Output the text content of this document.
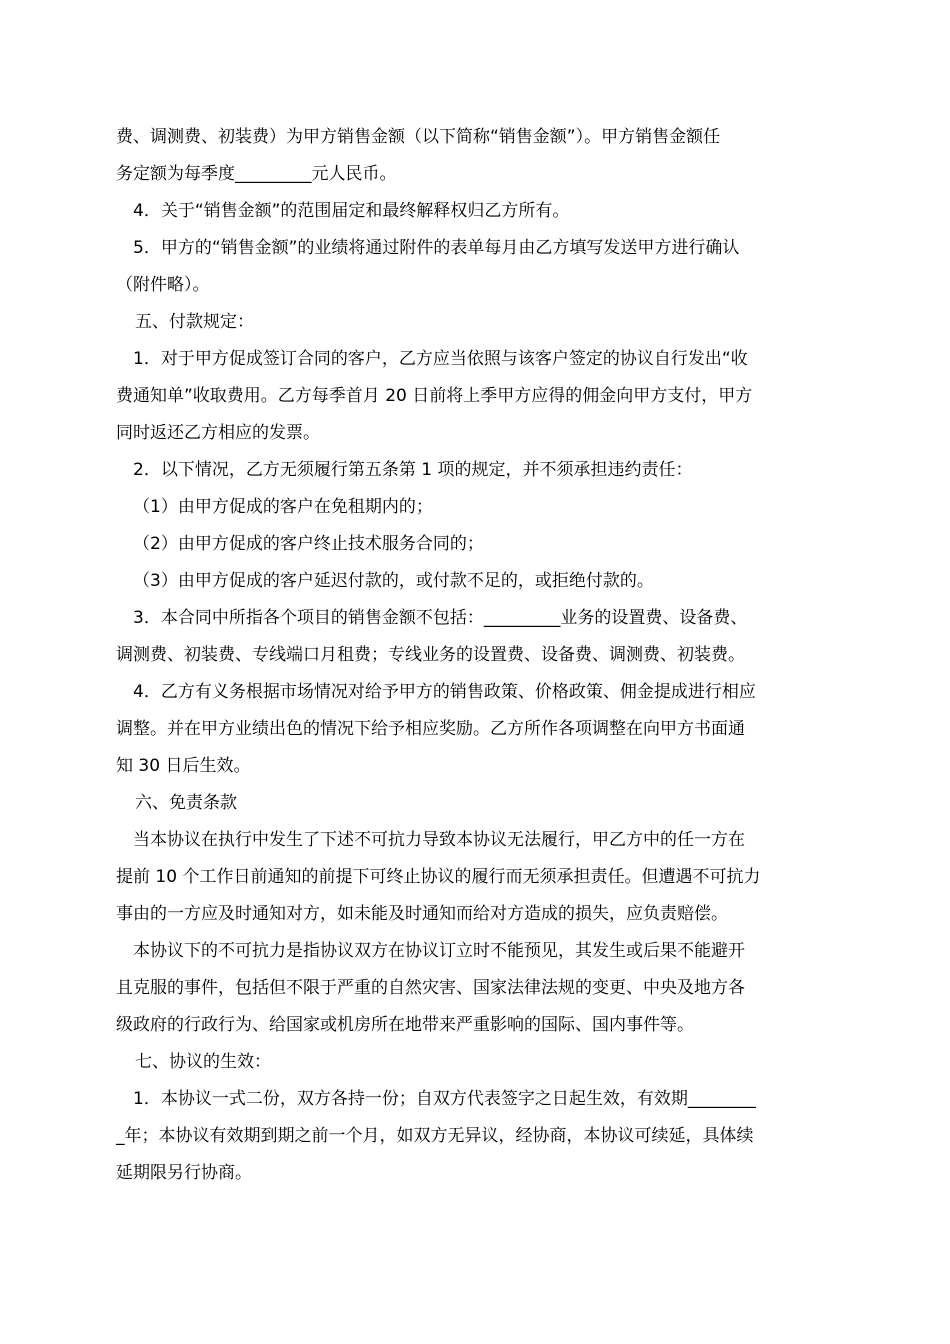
费、调测费、初装费）为甲方销售金额（以下简称“销售金额”）。甲方销售金额任

务定额为每季度_________元人民币。

4．关于“销售金额”的范围届定和最终解释权归乙方所有。

5．甲方的“销售金额”的业绩将通过附件的表单每月由乙方填写发送甲方进行确认

（附件略）。

五、付款规定：

1．对于甲方促成签订合同的客户，乙方应当依照与该客户签定的协议自行发出“收

费通知单”收取费用。乙方每季首月 20 日前将上季甲方应得的佣金向甲方支付，甲方

同时返还乙方相应的发票。

2．以下情况，乙方无须履行第五条第 1 项的规定，并不须承担违约责任：

（1）由甲方促成的客户在免租期内的；

（2）由甲方促成的客户终止技术服务合同的；

（3）由甲方促成的客户延迟付款的，或付款不足的，或拒绝付款的。

3．本合同中所指各个项目的销售金额不包括：_________业务的设置费、设备费、

调测费、初装费、专线端口月租费；专线业务的设置费、设备费、调测费、初装费。

4．乙方有义务根据市场情况对给予甲方的销售政策、价格政策、佣金提成进行相应

调整。并在甲方业绩出色的情况下给予相应奖励。乙方所作各项调整在向甲方书面通

知 30 日后生效。

六、免责条款

当本协议在执行中发生了下述不可抗力导致本协议无法履行，甲乙方中的任一方在

提前 10 个工作日前通知的前提下可终止协议的履行而无须承担责任。但遭遇不可抗力

事由的一方应及时通知对方，如未能及时通知而给对方造成的损失，应负责赔偿。

本协议下的不可抗力是指协议双方在协议订立时不能预见，其发生或后果不能避开

且克服的事件，包括但不限于严重的自然灾害、国家法律法规的变更、中央及地方各

级政府的行政行为、给国家或机房所在地带来严重影响的国际、国内事件等。

七、协议的生效：

1．本协议一式二份，双方各持一份；自双方代表签字之日起生效，有效期________

_年；本协议有效期到期之前一个月，如双方无异议，经协商，本协议可续延，具体续

延期限另行协商。
